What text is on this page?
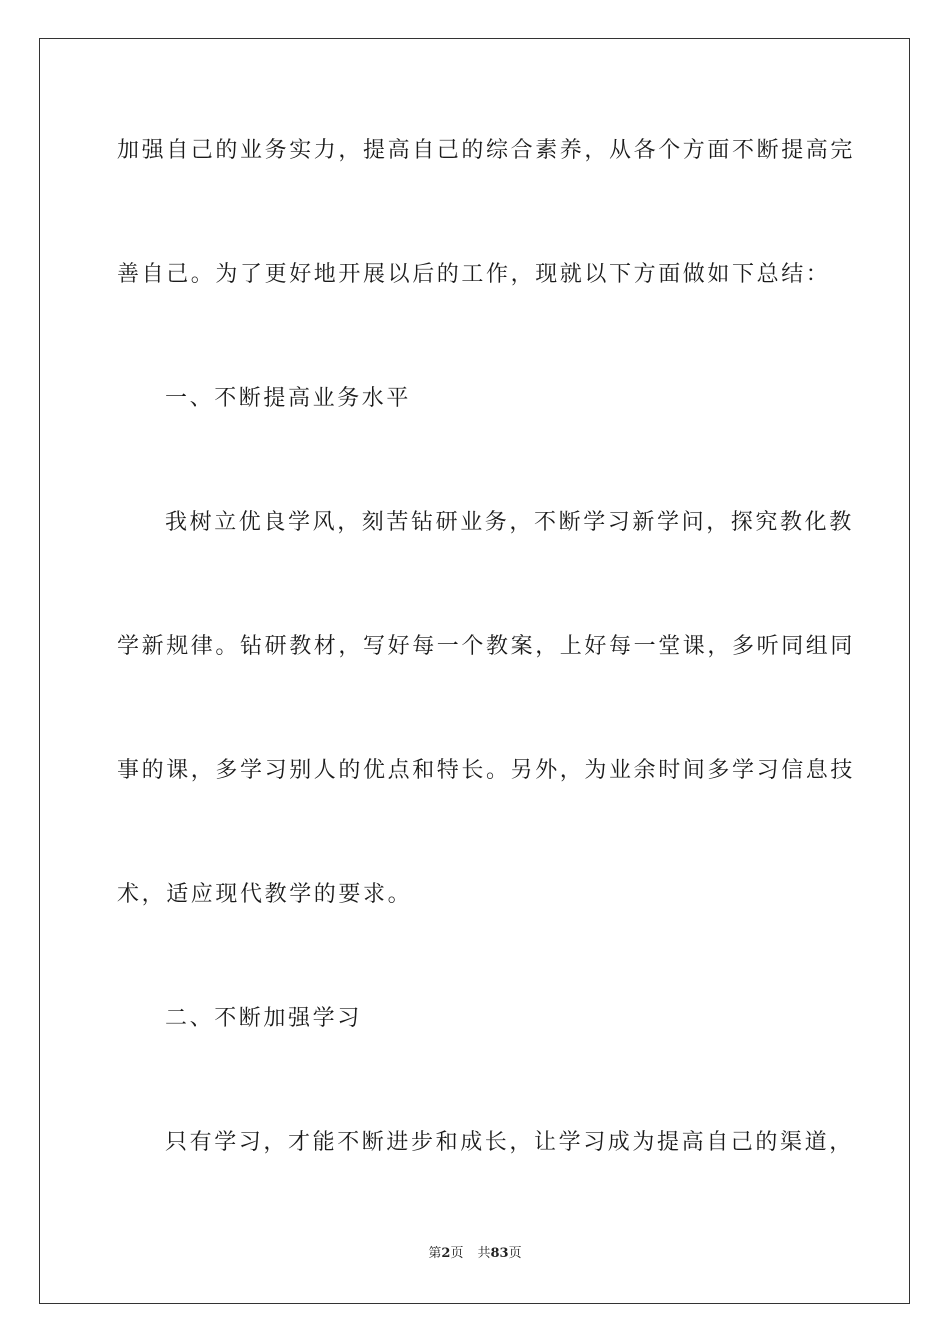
加强自己的业务实力，提高自己的综合素养，从各个方面不断提高完
善自己。为了更好地开展以后的工作，现就以下方面做如下总结：
一、不断提高业务水平
我树立优良学风，刻苦钻研业务，不断学习新学问，探究教化教
学新规律。钻研教材，写好每一个教案，上好每一堂课，多听同组同
事的课，多学习别人的优点和特长。另外，为业余时间多学习信息技
术，适应现代教学的要求。
二、不断加强学习
只有学习，才能不断进步和成长，让学习成为提高自己的渠道，
第2页 共83页
